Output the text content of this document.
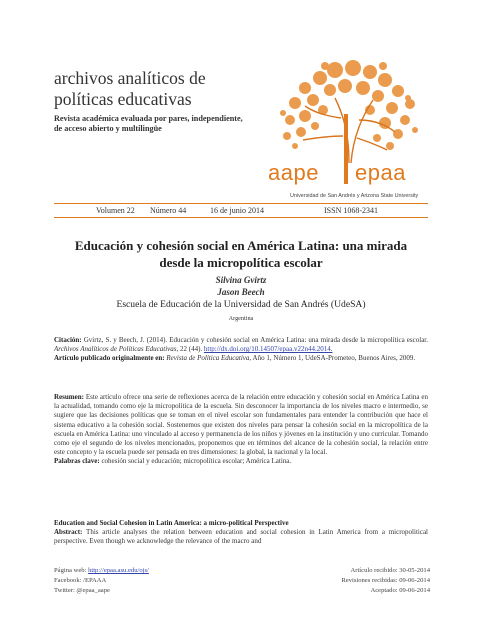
archivos analíticos de
políticas educativas
Revista académica evaluada por pares, independiente,
de acceso abierto y multilingüe
aape epaa
Universidad de San Andrés y Arizona State University
Volumen 22 Número 44	16 de junio 2014	ISSN 1068-2341
Educación y cohesión social en América Latina: una mirada
desde la micropolítica escolar
Silvina Gvirtz
Jason Beech
Escuela de Educación de la Universidad de San Andrés (UdeSA)
Argentina
Citación: Gvirtz, S. y Beech, J. (2014). Educación y cohesión social en América Latina: una mirada desde la micropolítica escolar. Archivos Analíticos de Políticas Educativas, 22 (44). http://dx.doi.org/10.14507/epaa.v22n44.2014.
Artículo publicado originalmente en: Revista de Política Educativa, Año 1, Número 1, UdeSA-Prometeo, Buenos Aires, 2009.
Resumen: Este artículo ofrece una serie de reflexiones acerca de la relación entre educación y cohesión social en América Latina en la actualidad, tomando como eje la micropolítica de la escuela. Sin desconocer la importancia de los niveles macro e intermedio, se sugiere que las decisiones políticas que se toman en el nivel escolar son fundamentales para entender la contribución que hace el sistema educativo a la cohesión social. Sostenemos que existen dos niveles para pensar la cohesión social en la micropolítica de la escuela en América Latina: uno vinculado al acceso y permanencia de los niños y jóvenes en la institución y uno curricular. Tomando como eje el segundo de los niveles mencionados, proponemos que en términos del alcance de la cohesión social, la relación entre este concepto y la escuela puede ser pensada en tres dimensiones: la global, la nacional y la local.
Palabras clave: cohesión social y educación; micropolítica escolar; América Latina.
Education and Social Cohesion in Latin America: a micro-political Perspective
Abstract: This article analyses the relation between education and social cohesion in Latin America from a micropolitical perspective. Even though we acknowledge the relevance of the macro and
Página web: http://epaa.asu.edu/ojs/
Facebook: /EPAAA
Twitter: @epaa_aape
Artículo recibido: 30-05-2014
Revisiones recibidas: 09-06-2014
Aceptado: 09-06-2014
